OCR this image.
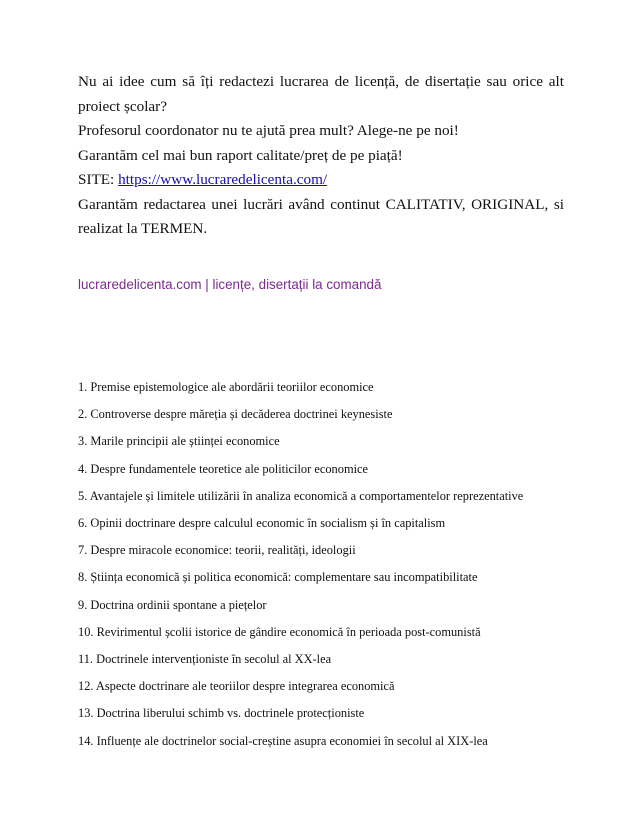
Nu ai idee cum să îți redactezi lucrarea de licență, de disertație sau orice alt proiect școlar?

Profesorul coordonator nu te ajută prea mult? Alege-ne pe noi!

Garantăm cel mai bun raport calitate/preț de pe piață!

SITE: https://www.lucraredelicenta.com/

Garantăm redactarea unei lucrări având continut CALITATIV, ORIGINAL, si realizat la TERMEN.

lucraredelicenta.com | licențe, disertații la comandă
1. Premise epistemologice ale abordării teoriilor economice
2. Controverse despre măreția și decăderea doctrinei keynesiste
3. Marile principii ale științei economice
4. Despre fundamentele teoretice ale politicilor economice
5. Avantajele și limitele utilizării în analiza economică a comportamentelor reprezentative
6. Opinii doctrinare despre calculul economic în socialism și în capitalism
7. Despre miracole economice: teorii, realități, ideologii
8. Știința economică și politica economică: complementare sau incompatibilitate
9. Doctrina ordinii spontane a piețelor
10. Revirimentul școlii istorice de gândire economică în perioada post-comunistă
11. Doctrinele intervenționiste în secolul al XX-lea
12. Aspecte doctrinare ale teoriilor despre integrarea economică
13. Doctrina liberului schimb vs. doctrinele protecționiste
14. Influențe ale doctrinelor social-creștine asupra economiei în secolul al XIX-lea
